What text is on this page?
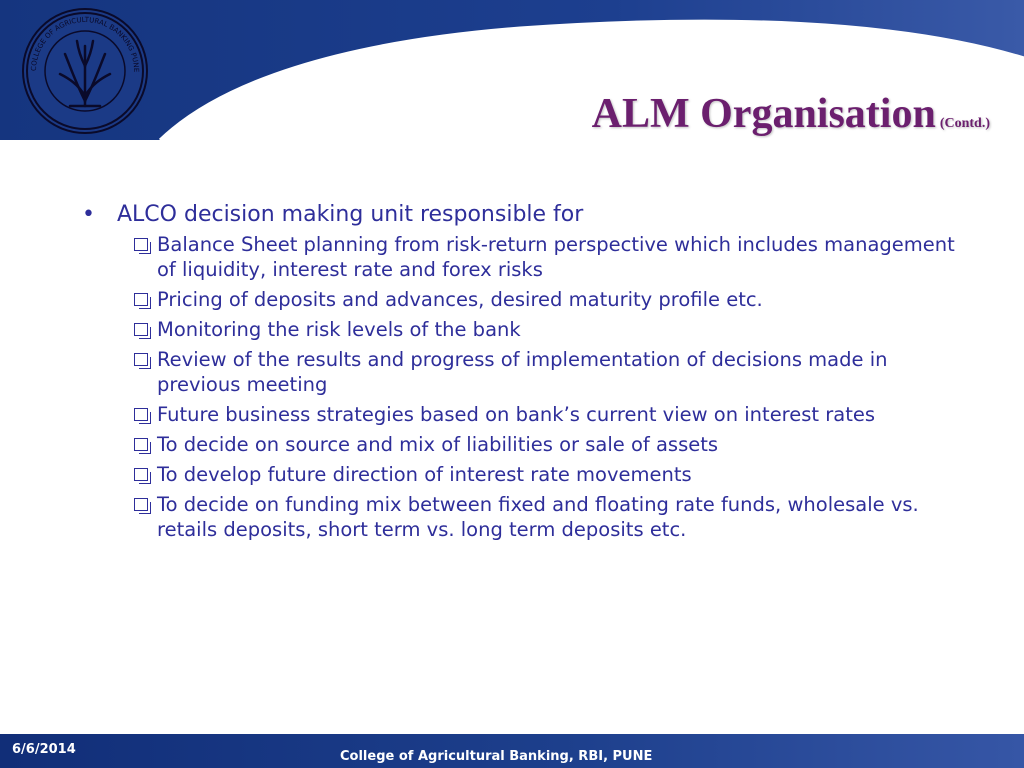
COLLEGE OF AGRICULTURAL BANKING PUNE
ALM Organisation (Contd.)
•	ALCO decision making unit responsible for
Balance Sheet planning from risk-return perspective which includes management of liquidity, interest rate and forex risks
Pricing of deposits and advances, desired maturity profile etc.
Monitoring the risk levels of the bank
Review of the results and progress of implementation of decisions made in previous meeting
Future business strategies based on bank’s current view on interest rates
To decide on source and mix of liabilities or sale of assets
To develop future direction of interest rate movements
To decide on funding mix between fixed and floating rate funds, wholesale vs. retails deposits, short term vs. long term deposits etc.
6/6/2014	College of Agricultural Banking, RBI, PUNE
